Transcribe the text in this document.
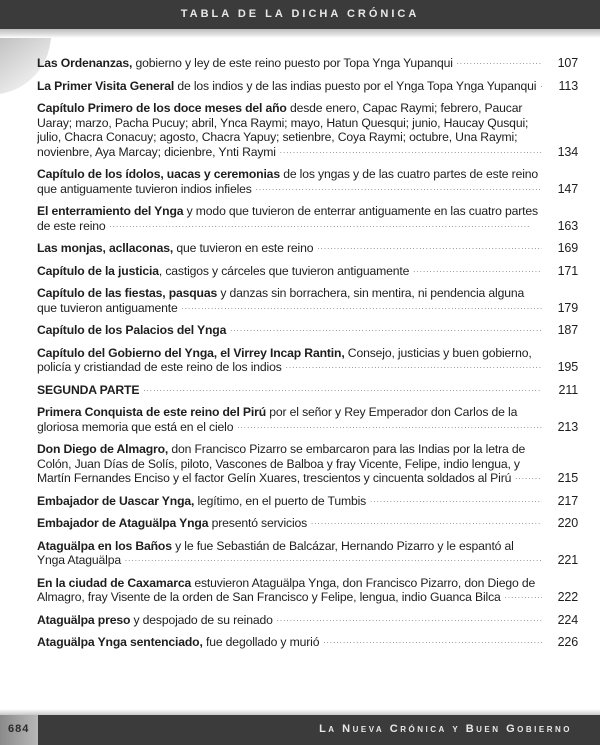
TABLA DE LA DICHA CRÓNICA
Las Ordenanzas, gobierno y ley de este reino puesto por Topa Ynga Yupanqui . . .	107
La Primer Visita General de los indios y de las indias puesto por el Ynga Topa Ynga Yupanqui . . .	113
Capítulo Primero de los doce meses del año desde enero, Capac Raymi; febrero, Paucar Uaray; marzo, Pacha Pucuy; abril, Ynca Raymi; mayo, Hatun Quesqui; junio, Haucay Qusqui; julio, Chacra Conacuy; agosto, Chacra Yapuy; setienbre, Coya Raymi; octubre, Una Raymi; novienbre, Aya Marcay; dicienbre, Ynti Raymi . . .	134
Capítulo de los ídolos, uacas y ceremonias de los yngas y de las cuatro partes de este reino que antiguamente tuvieron indios infieles . . .	147
El enterramiento del Ynga y modo que tuvieron de enterrar antiguamente en las cuatro partes de este reino . . .	163
Las monjas, acllaconas, que tuvieron en este reino . . .	169
Capítulo de la justicia, castigos y cárceles que tuvieron antiguamente . . .	171
Capítulo de las fiestas, pasquas y danzas sin borrachera, sin mentira, ni pendencia alguna que tuvieron antiguamente . . .	179
Capítulo de los Palacios del Ynga . . .	187
Capítulo del Gobierno del Ynga, el Virrey Incap Rantin, Consejo, justicias y buen gobierno, policía y cristiandad de este reino de los indios . . .	195
SEGUNDA PARTE . . .	211
Primera Conquista de este reino del Pirú por el señor y Rey Emperador don Carlos de la gloriosa memoria que está en el cielo . . .	213
Don Diego de Almagro, don Francisco Pizarro se embarcaron para las Indias por la letra de Colón, Juan Días de Solís, piloto, Vascones de Balboa y fray Vicente, Felipe, indio lengua, y Martín Fernandes Enciso y el factor Gelín Xuares, trescientos y cincuenta soldados al Pirú . . .	215
Embajador de Uascar Ynga, legítimo, en el puerto de Tumbis . . .	217
Embajador de Ataguälpa Ynga presentó servicios . . .	220
Ataguälpa en los Baños y le fue Sebastián de Balcázar, Hernando Pizarro y le espantó al Ynga Ataguälpa . . .	221
En la ciudad de Caxamarca estuvieron Ataguälpa Ynga, don Francisco Pizarro, don Diego de Almagro, fray Visente de la orden de San Francisco y Felipe, lengua, indio Guanca Bilca . . .	222
Ataguälpa preso y despojado de su reinado . . .	224
Ataguälpa Ynga sentenciado, fue degollado y murió . . .	226
684	La Nueva Crónica y Buen Gobierno
